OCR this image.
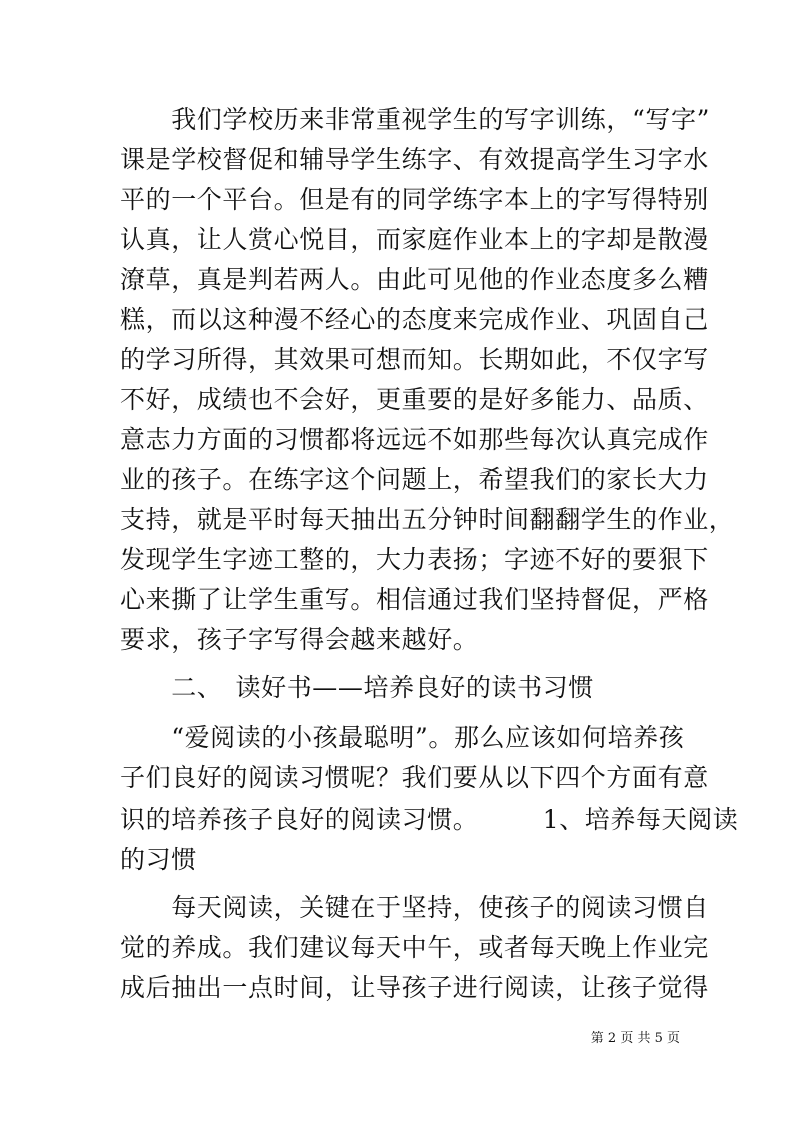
　　我们学校历来非常重视学生的写字训练，“写字”
课是学校督促和辅导学生练字、有效提高学生习字水
平的一个平台。但是有的同学练字本上的字写得特别
认真，让人赏心悦目，而家庭作业本上的字却是散漫
潦草，真是判若两人。由此可见他的作业态度多么糟
糕，而以这种漫不经心的态度来完成作业、巩固自己
的学习所得，其效果可想而知。长期如此，不仅字写
不好，成绩也不会好，更重要的是好多能力、品质、
意志力方面的习惯都将远远不如那些每次认真完成作
业的孩子。在练字这个问题上，希望我们的家长大力
支持，就是平时每天抽出五分钟时间翻翻学生的作业，
发现学生字迹工整的，大力表扬；字迹不好的要狠下
心来撕了让学生重写。相信通过我们坚持督促，严格
要求，孩子字写得会越来越好。
　　二、　读好书——培养良好的读书习惯
　　“爱阅读的小孩最聪明”。那么应该如何培养孩
子们良好的阅读习惯呢？我们要从以下四个方面有意
识的培养孩子良好的阅读习惯。　　　1、培养每天阅读
的习惯
　　每天阅读，关键在于坚持，使孩子的阅读习惯自
觉的养成。我们建议每天中午，或者每天晚上作业完
成后抽出一点时间，让导孩子进行阅读，让孩子觉得
第 2 页 共 5 页
